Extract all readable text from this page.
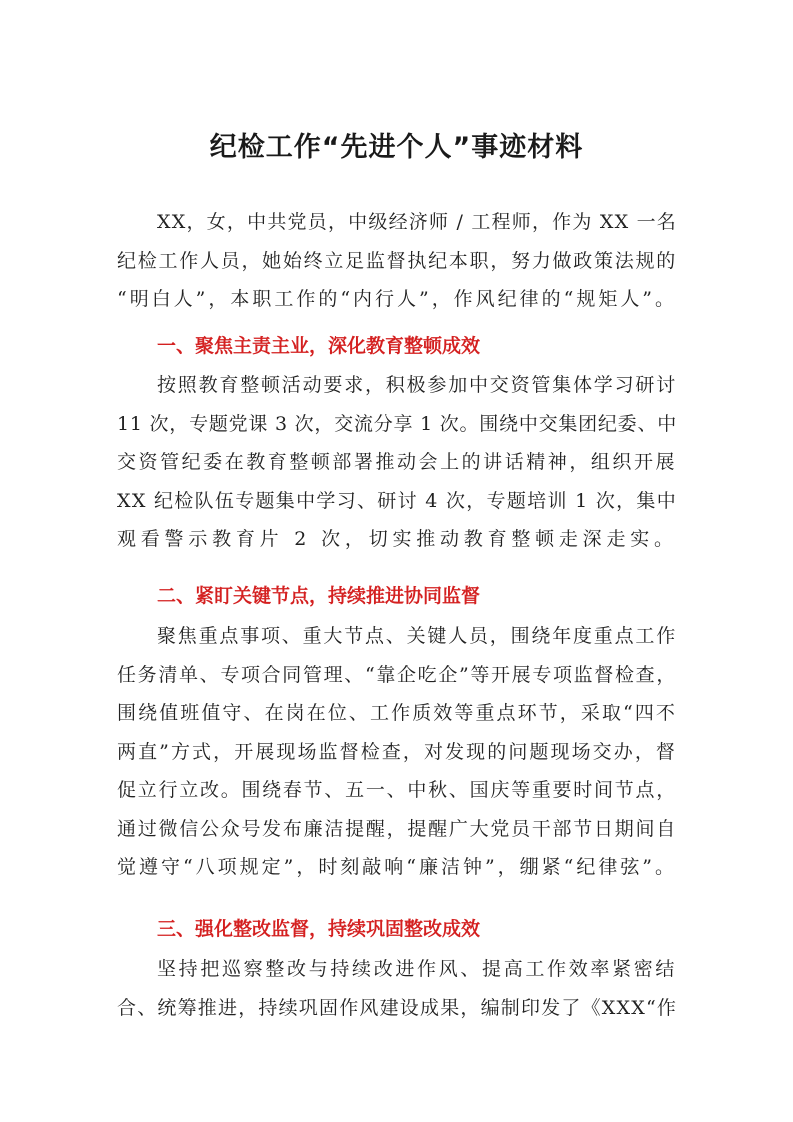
纪检工作“先进个人”事迹材料
XX，女，中共党员，中级经济师 / 工程师，作为 XX 一名
纪检工作人员，她始终立足监督执纪本职，努力做政策法规的
“明白人”，本职工作的“内行人”，作风纪律的“规矩人”。
一、聚焦主责主业，深化教育整顿成效
按照教育整顿活动要求，积极参加中交资管集体学习研讨
11 次，专题党课 3 次，交流分享 1 次。围绕中交集团纪委、中
交资管纪委在教育整顿部署推动会上的讲话精神，组织开展
XX 纪检队伍专题集中学习、研讨 4 次，专题培训 1 次，集中
观看警示教育片 2 次，切实推动教育整顿走深走实。
二、紧盯关键节点，持续推进协同监督
聚焦重点事项、重大节点、关键人员，围绕年度重点工作
任务清单、专项合同管理、“靠企吃企”等开展专项监督检查，
围绕值班值守、在岗在位、工作质效等重点环节，采取“四不
两直”方式，开展现场监督检查，对发现的问题现场交办，督
促立行立改。围绕春节、五一、中秋、国庆等重要时间节点，
通过微信公众号发布廉洁提醒，提醒广大党员干部节日期间自
觉遵守“八项规定”，时刻敲响“廉洁钟”，绷紧“纪律弦”。
三、强化整改监督，持续巩固整改成效
坚持把巡察整改与持续改进作风、提高工作效率紧密结
合、统筹推进，持续巩固作风建设成果，编制印发了《XXX“作
